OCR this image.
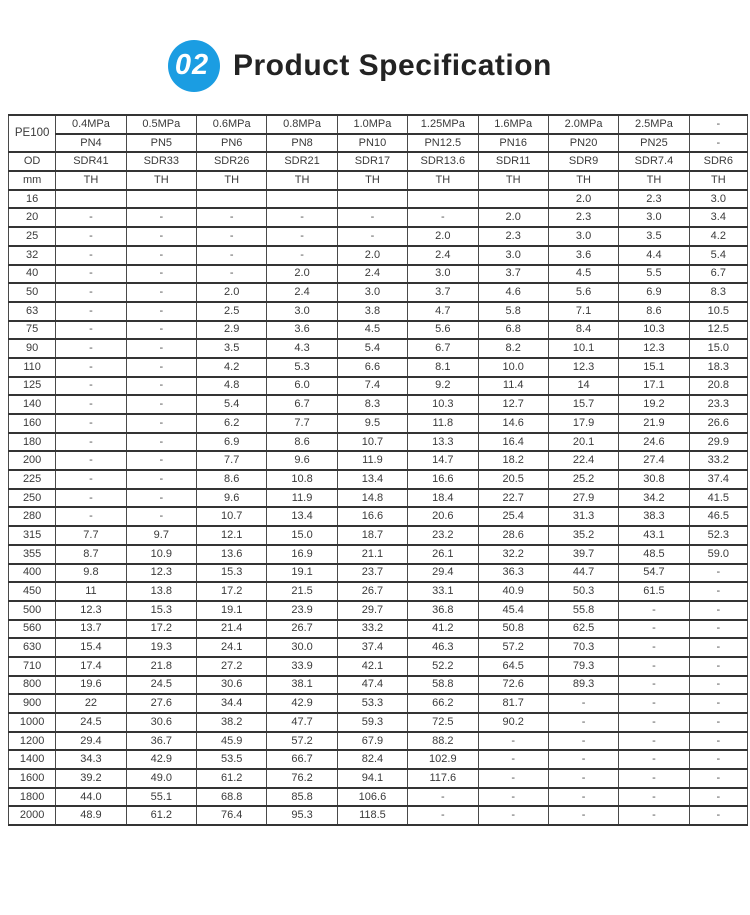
02 Product Specification
PE100	0.4MPa	0.5MPa	0.6MPa	0.8MPa	1.0MPa	1.25MPa	1.6MPa	2.0MPa	2.5MPa	-
	PN4	PN5	PN6	PN8	PN10	PN12.5	PN16	PN20	PN25	-
OD	SDR41	SDR33	SDR26	SDR21	SDR17	SDR13.6	SDR11	SDR9	SDR7.4	SDR6
mm	TH	TH	TH	TH	TH	TH	TH	TH	TH	TH
16								2.0	2.3	3.0
20	-	-	-	-	-	-	2.0	2.3	3.0	3.4
25	-	-	-	-	-	2.0	2.3	3.0	3.5	4.2
32	-	-	-	-	2.0	2.4	3.0	3.6	4.4	5.4
40	-	-	-	2.0	2.4	3.0	3.7	4.5	5.5	6.7
50	-	-	2.0	2.4	3.0	3.7	4.6	5.6	6.9	8.3
63	-	-	2.5	3.0	3.8	4.7	5.8	7.1	8.6	10.5
75	-	-	2.9	3.6	4.5	5.6	6.8	8.4	10.3	12.5
90	-	-	3.5	4.3	5.4	6.7	8.2	10.1	12.3	15.0
110	-	-	4.2	5.3	6.6	8.1	10.0	12.3	15.1	18.3
125	-	-	4.8	6.0	7.4	9.2	11.4	14	17.1	20.8
140	-	-	5.4	6.7	8.3	10.3	12.7	15.7	19.2	23.3
160	-	-	6.2	7.7	9.5	11.8	14.6	17.9	21.9	26.6
180	-	-	6.9	8.6	10.7	13.3	16.4	20.1	24.6	29.9
200	-	-	7.7	9.6	11.9	14.7	18.2	22.4	27.4	33.2
225	-	-	8.6	10.8	13.4	16.6	20.5	25.2	30.8	37.4
250	-	-	9.6	11.9	14.8	18.4	22.7	27.9	34.2	41.5
280	-	-	10.7	13.4	16.6	20.6	25.4	31.3	38.3	46.5
315	7.7	9.7	12.1	15.0	18.7	23.2	28.6	35.2	43.1	52.3
355	8.7	10.9	13.6	16.9	21.1	26.1	32.2	39.7	48.5	59.0
400	9.8	12.3	15.3	19.1	23.7	29.4	36.3	44.7	54.7	-
450	11	13.8	17.2	21.5	26.7	33.1	40.9	50.3	61.5	-
500	12.3	15.3	19.1	23.9	29.7	36.8	45.4	55.8	-	-
560	13.7	17.2	21.4	26.7	33.2	41.2	50.8	62.5	-	-
630	15.4	19.3	24.1	30.0	37.4	46.3	57.2	70.3	-	-
710	17.4	21.8	27.2	33.9	42.1	52.2	64.5	79.3	-	-
800	19.6	24.5	30.6	38.1	47.4	58.8	72.6	89.3	-	-
900	22	27.6	34.4	42.9	53.3	66.2	81.7	-	-	-
1000	24.5	30.6	38.2	47.7	59.3	72.5	90.2	-	-	-
1200	29.4	36.7	45.9	57.2	67.9	88.2	-	-	-	-
1400	34.3	42.9	53.5	66.7	82.4	102.9	-	-	-	-
1600	39.2	49.0	61.2	76.2	94.1	117.6	-	-	-	-
1800	44.0	55.1	68.8	85.8	106.6	-	-	-	-	-
2000	48.9	61.2	76.4	95.3	118.5	-	-	-	-	-
